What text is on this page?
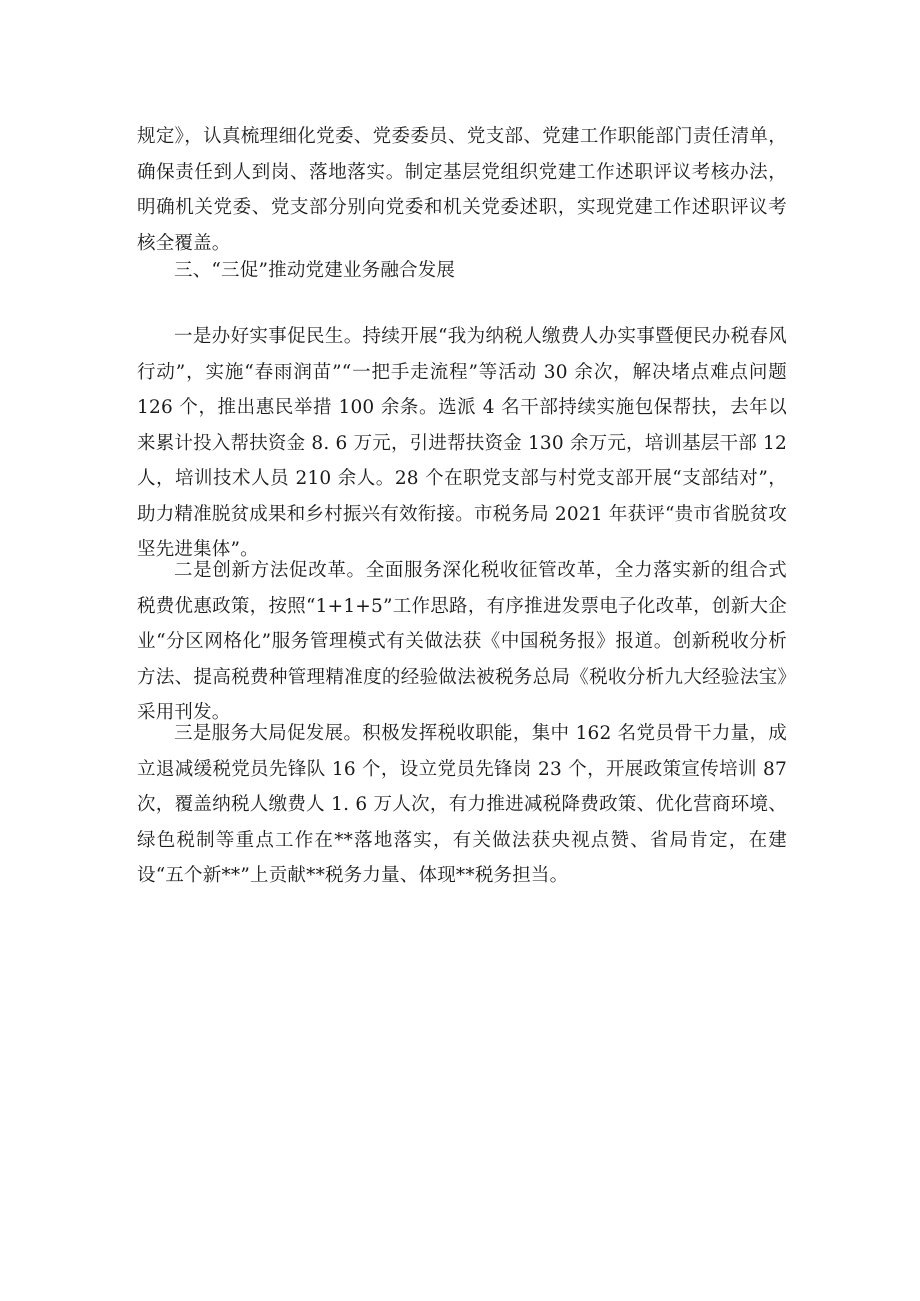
规定》，认真梳理细化党委、党委委员、党支部、党建工作职能部门责任清单，确保责任到人到岗、落地落实。制定基层党组织党建工作述职评议考核办法，明确机关党委、党支部分别向党委和机关党委述职，实现党建工作述职评议考核全覆盖。

三、“三促”推动党建业务融合发展

一是办好实事促民生。持续开展“我为纳税人缴费人办实事暨便民办税春风行动”，实施“春雨润苗”“一把手走流程”等活动 30 余次，解决堵点难点问题 126 个，推出惠民举措 100 余条。选派 4 名干部持续实施包保帮扶，去年以来累计投入帮扶资金 8. 6 万元，引进帮扶资金 130 余万元，培训基层干部 12 人，培训技术人员 210 余人。28 个在职党支部与村党支部开展“支部结对”，助力精准脱贫成果和乡村振兴有效衔接。市税务局 2021 年获评“贵市省脱贫攻坚先进集体”。

二是创新方法促改革。全面服务深化税收征管改革，全力落实新的组合式税费优惠政策，按照“1+1+5”工作思路，有序推进发票电子化改革，创新大企业“分区网格化”服务管理模式有关做法获《中国税务报》报道。创新税收分析方法、提高税费种管理精准度的经验做法被税务总局《税收分析九大经验法宝》采用刊发。

三是服务大局促发展。积极发挥税收职能，集中 162 名党员骨干力量，成立退减缓税党员先锋队 16 个，设立党员先锋岗 23 个，开展政策宣传培训 87 次，覆盖纳税人缴费人 1. 6 万人次，有力推进减税降费政策、优化营商环境、绿色税制等重点工作在**落地落实，有关做法获央视点赞、省局肯定，在建设“五个新**”上贡献**税务力量、体现**税务担当。
